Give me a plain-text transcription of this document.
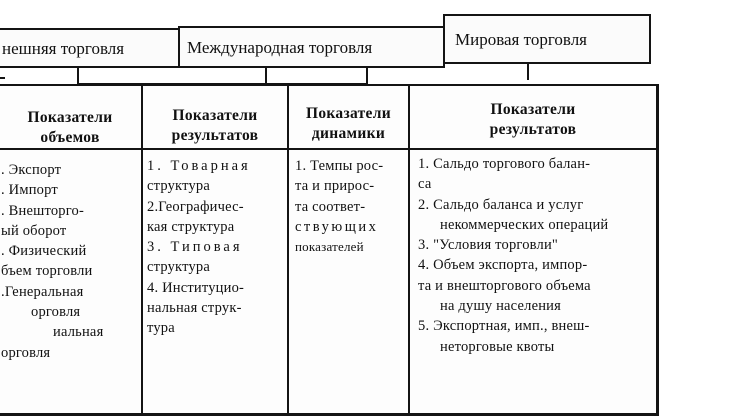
нешняя торговля	Международная торговля	Мировая торговля
Показатели
объемов
. Экспорт
. Импорт
. Внешторго-
ый оборот
. Физический
бъем торговли
.Генеральная
орговля
иальная
орговля
Показатели
результатов
1. Товарная
структура
2.Географичес-
кая структура
3. Типовая
структура
4. Институцио-
нальная струк-
тура
Показатели
динамики
1. Темпы рос-
та и прирос-
та соответ-
ствующих
показателей
Показатели
результатов
1. Сальдо торгового балан-
са
2. Сальдо баланса и услуг
некоммерческих операций
3. "Условия торговли"
4. Объем экспорта, импор-
та и внешторгового объема
на душу населения
5. Экспортная, имп., внеш-
неторговые квоты
